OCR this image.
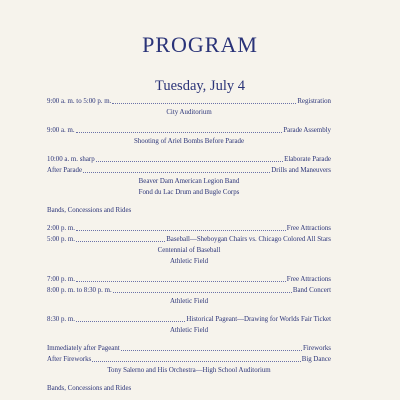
PROGRAM
Tuesday, July 4
9:00 a. m. to 5:00 p. m.	Registration
City Auditorium
9:00 a. m.	Parade Assembly
Shooting of Ariel Bombs Before Parade
10:00 a. m. sharp	Elaborate Parade
After Parade	Drills and Maneuvers
Beaver Dam American Legion Band
Fond du Lac Drum and Bugle Corps
Bands, Concessions and Rides
2:00 p. m.	Free Attractions
5:00 p. m.	Baseball—Sheboygan Chairs vs. Chicago Colored All Stars
Centennial of Baseball
Athletic Field
7:00 p. m.	Free Attractions
8:00 p. m. to 8:30 p. m.	Band Concert
Athletic Field
8:30 p. m.	Historical Pageant—Drawing for Worlds Fair Ticket
Athletic Field
Immediately after Pageant	Fireworks
After Fireworks	Big Dance
Tony Salerno and His Orchestra—High School Auditorium
Bands, Concessions and Rides
